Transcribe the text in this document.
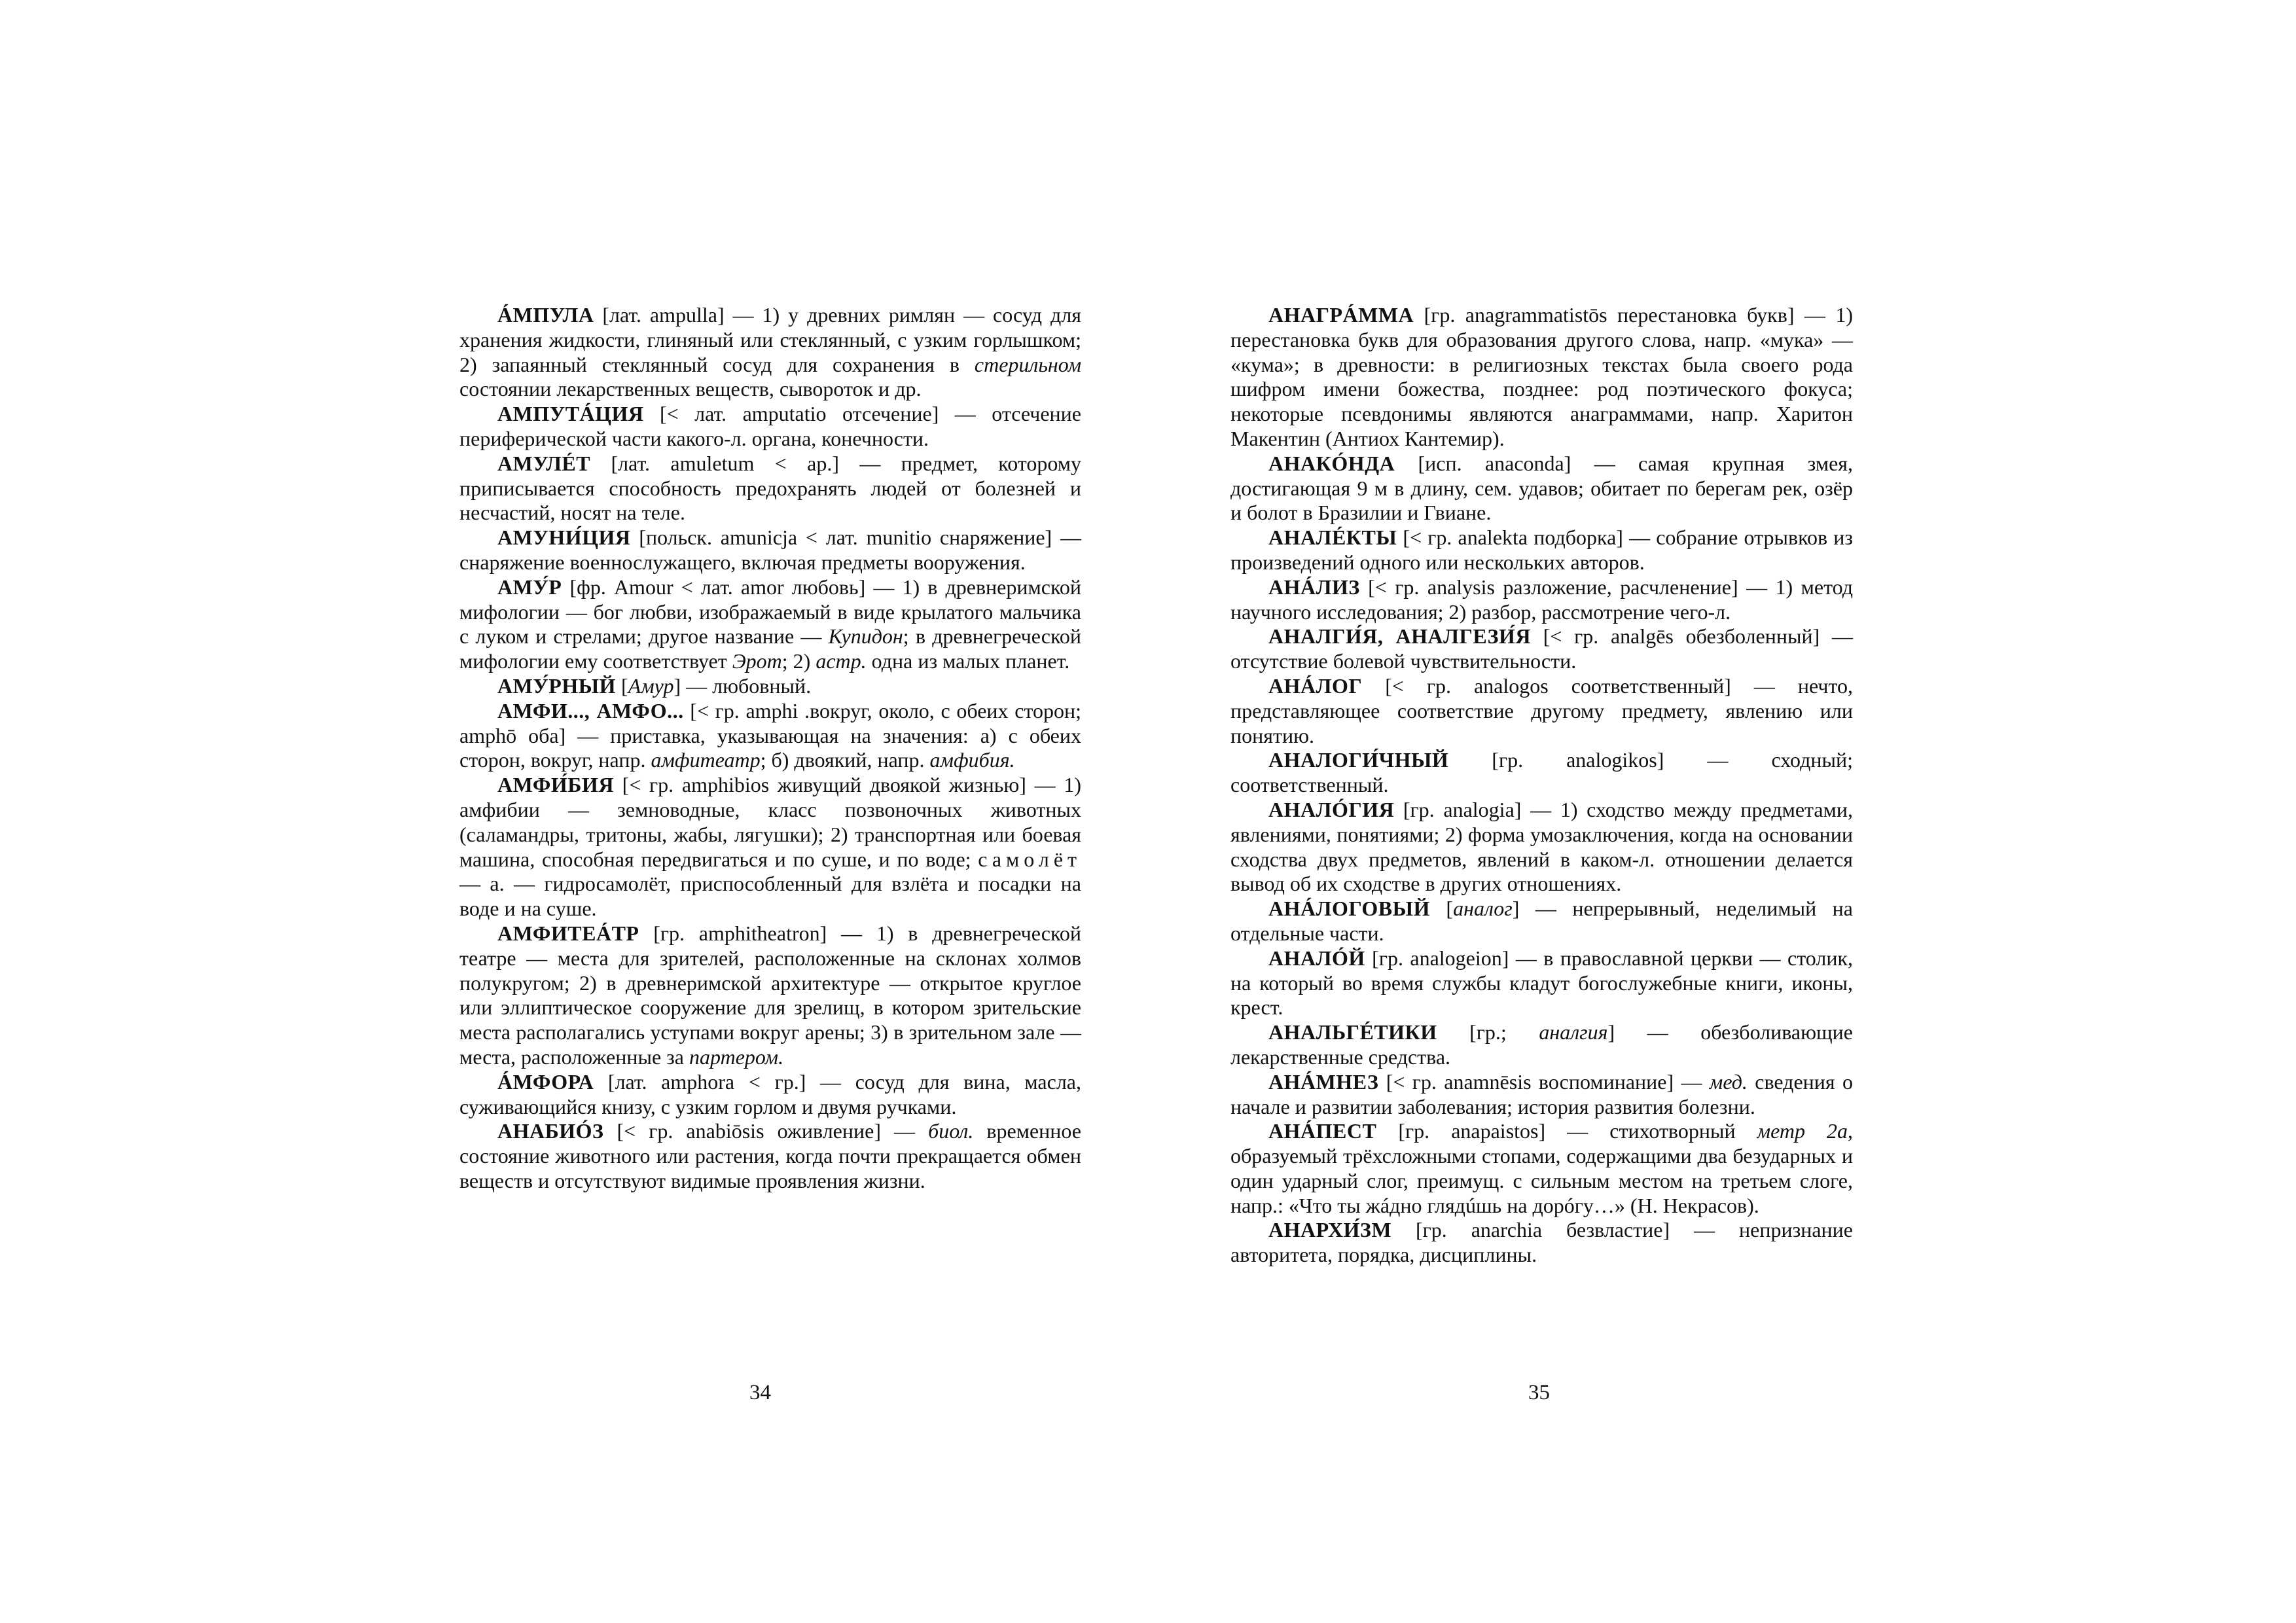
ÁМПУЛА [лат. ampulla] — 1) у древних римлян — сосуд для хранения жидкости, глиняный или стеклянный, с узким горлышком; 2) запаянный стеклянный сосуд для сохранения в стерильном состоянии лекарственных веществ, сывороток и др.

АМПУТÁЦИЯ [< лат. amputatio отсечение] — отсечение периферической части какого-л. органа, конечности.

АМУЛÉТ [лат. amuletum < ар.] — предмет, которому приписывается способность предохранять людей от болезней и несчастий, носят на теле.

АМУНИ́ЦИЯ [польск. amunicja < лат. munitio снаряжение] — снаряжение военнослужащего, включая предметы вооружения.

АМУ́Р [фр. Amour < лат. amor любовь] — 1) в древнеримской мифологии — бог любви, изображаемый в виде крылатого мальчика с луком и стрелами; другое название — Купидон; в древнегреческой мифологии ему соответствует Эрот; 2) астр. одна из малых планет.

АМУ́РНЫЙ [Амур] — любовный.

АМФИ..., АМФО... [< гр. amphi .вокруг, около, с обеих сторон; amphō оба] — приставка, указывающая на значения: а) с обеих сторон, вокруг, напр. амфитеатр; б) двоякий, напр. амфибия.

АМФИ́БИЯ [< гр. amphibios живущий двоякой жизнью] — 1) амфибии — земноводные, класс позвоночных животных (саламандры, тритоны, жабы, лягушки); 2) транспортная или боевая машина, способная передвигаться и по суше, и по воде; самолёт — а. — гидросамолёт, приспособленный для взлёта и посадки на воде и на суше.

АМФИТЕÁТР [гр. amphitheatron] — 1) в древнегреческой театре — места для зрителей, расположенные на склонах холмов полукругом; 2) в древнеримской архитектуре — открытое круглое или эллиптическое сооружение для зрелищ, в котором зрительские места располагались уступами вокруг арены; 3) в зрительном зале — места, расположенные за партером.

ÁМФОРА [лат. amphora < гр.] — сосуд для вина, масла, суживающийся книзу, с узким горлом и двумя ручками.

АНАБИÓЗ [< гр. anabiōsis оживление] — биол. временное состояние животного или растения, когда почти прекращается обмен веществ и отсутствуют видимые проявления жизни.

АНАГРÁММА [гр. anagrammatistōs перестановка букв] — 1) перестановка букв для образования другого слова, напр. «мука» — «кума»; в древности: в религиозных текстах была своего рода шифром имени божества, позднее: род поэтического фокуса; некоторые псевдонимы являются анаграммами, напр. Харитон Макентин (Антиох Кантемир).

АНАКÓНДА [исп. anaconda] — самая крупная змея, достигающая 9 м в длину, сем. удавов; обитает по берегам рек, озёр и болот в Бразилии и Гвиане.

АНАЛÉКТЫ [< гр. analekta подборка] — собрание отрывков из произведений одного или нескольких авторов.

АНÁЛИЗ [< гр. analysis разложение, расчленение] — 1) метод научного исследования; 2) разбор, рассмотрение чего-л.

АНАЛГИ́Я, АНАЛГЕЗИ́Я [< гр. analgēs обезболенный] — отсутствие болевой чувствительности.

АНÁЛОГ [< гр. analogos соответственный] — нечто, представляющее соответствие другому предмету, явлению или понятию.

АНАЛОГИ́ЧНЫЙ [гр. analogikos] — сходный; соответственный.

АНАЛÓГИЯ [гр. analogia] — 1) сходство между предметами, явлениями, понятиями; 2) форма умозаключения, когда на основании сходства двух предметов, явлений в каком-л. отношении делается вывод об их сходстве в других отношениях.

АНÁЛОГОВЫЙ [аналог] — непрерывный, неделимый на отдельные части.

АНАЛÓЙ [гр. analogeion] — в православной церкви — столик, на который во время службы кладут богослужебные книги, иконы, крест.

АНАЛЬГÉТИКИ [гр.; аналгия] — обезболивающие лекарственные средства.

АНÁМНЕЗ [< гр. anamnēsis воспоминание] — мед. сведения о начале и развитии заболевания; история развития болезни.

АНÁПЕСТ [гр. anapaistos] — стихотворный метр 2а, образуемый трёхсложными стопами, содержащими два безударных и один ударный слог, преимущ. с сильным местом на третьем слоге, напр.: «Что ты жáдно глядúшь на дорóгу…» (Н. Некрасов).

АНАРХИ́ЗМ [гр. anarchia безвластие] — непризнание авторитета, порядка, дисциплины.

34	35
